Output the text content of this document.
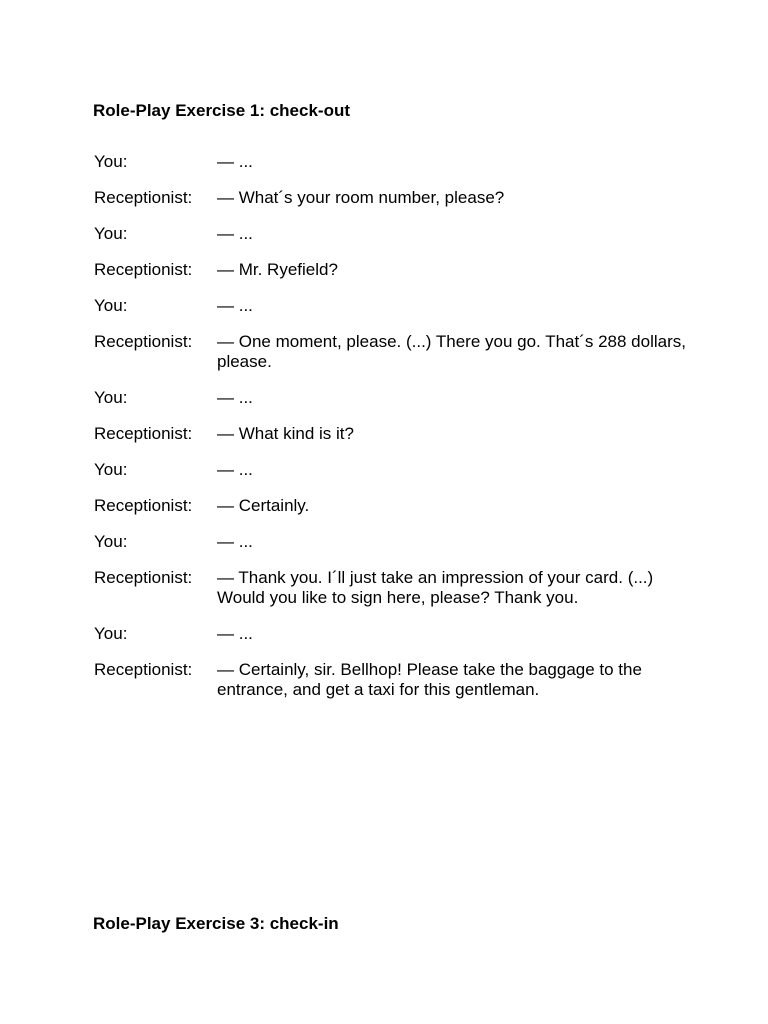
Role-Play Exercise 1: check-out
You:	— ...
Receptionist:	— What´s your room number, please?
You:	— ...
Receptionist:	— Mr. Ryefield?
You:	— ...
Receptionist:	— One moment, please. (...) There you go. That´s 288 dollars, please.
You:	— ...
Receptionist:	— What kind is it?
You:	— ...
Receptionist:	— Certainly.
You:	— ...
Receptionist:	— Thank you. I´ll just take an impression of your card. (...) Would you like to sign here, please? Thank you.
You:	— ...
Receptionist:	— Certainly, sir. Bellhop! Please take the baggage to the entrance, and get a taxi for this gentleman.
Role-Play Exercise 3: check-in
